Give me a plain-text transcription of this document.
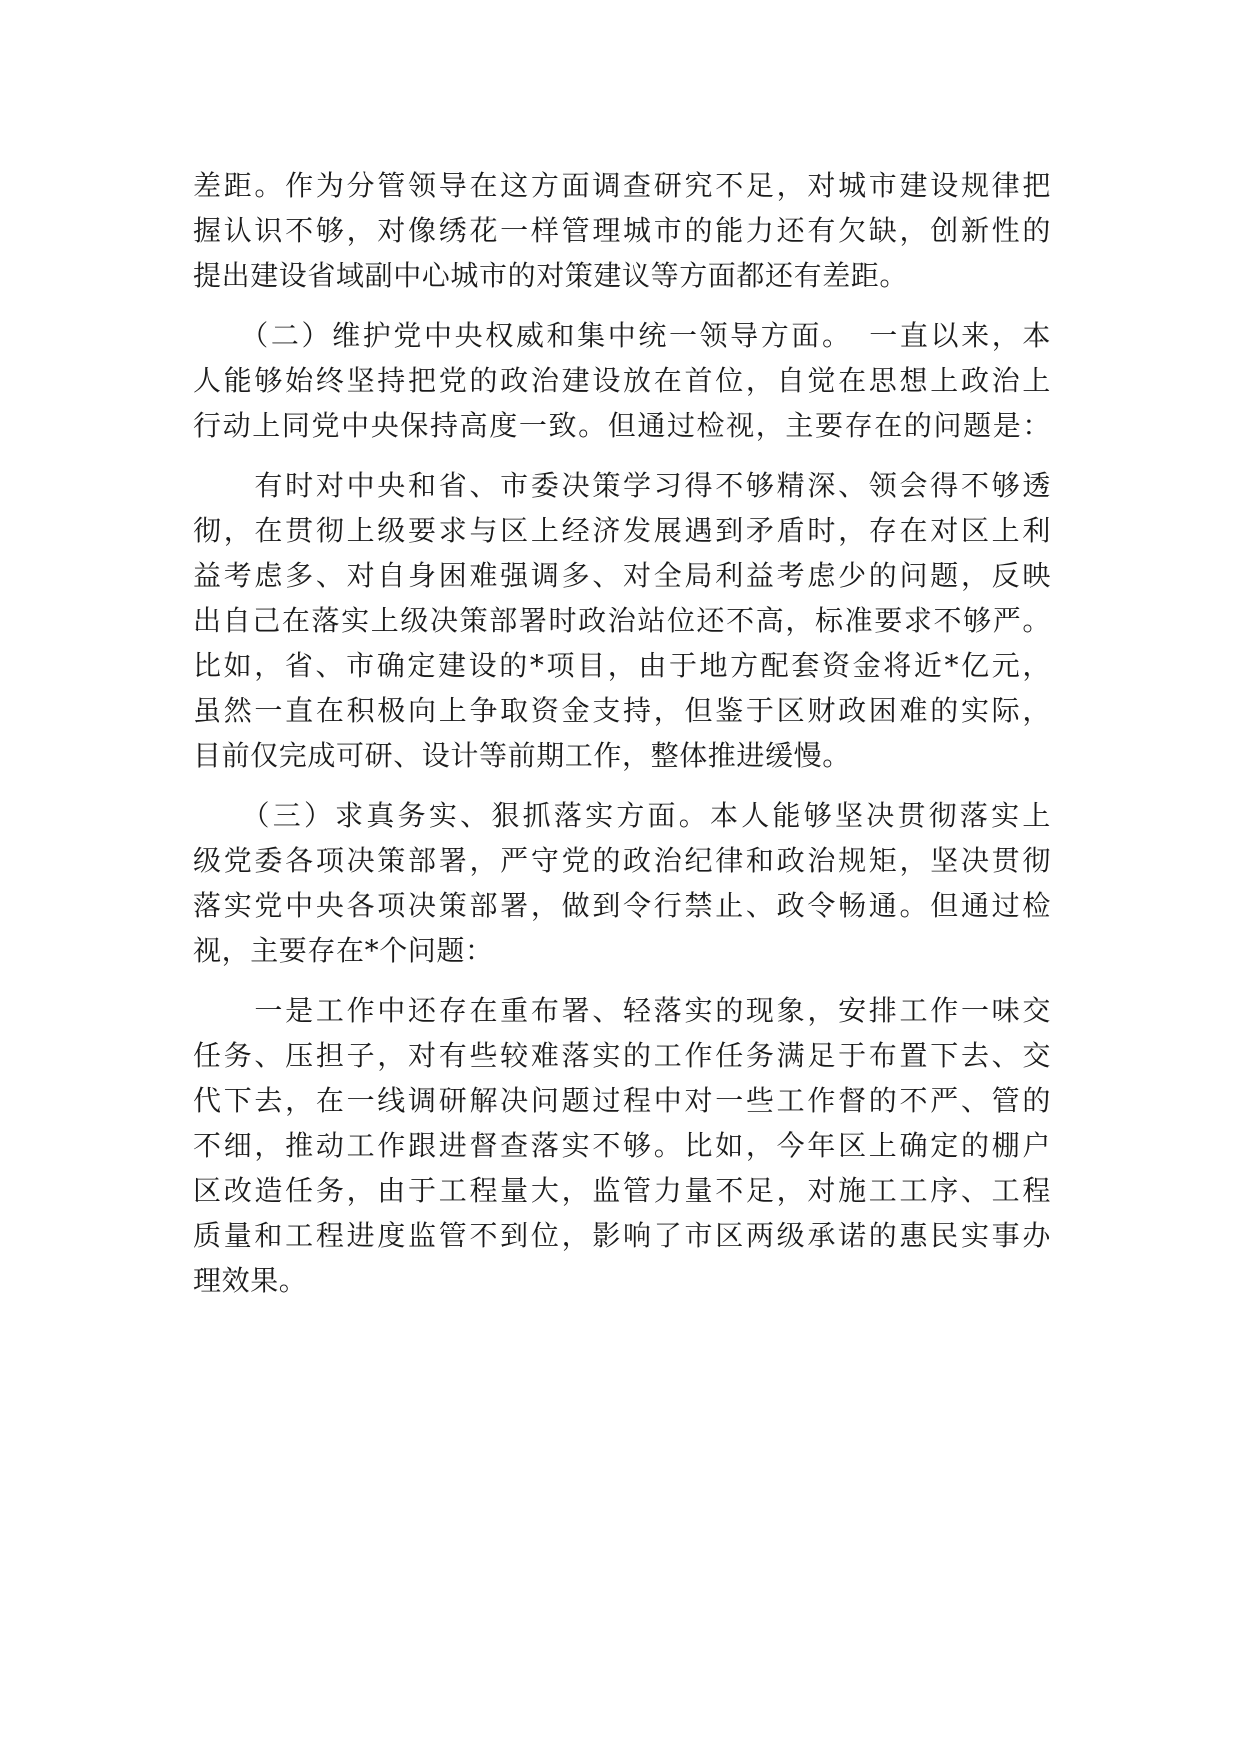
差距。作为分管领导在这方面调查研究不足，对城市建设规律把
握认识不够，对像绣花一样管理城市的能力还有欠缺，创新性的
提出建设省域副中心城市的对策建议等方面都还有差距。
　　（二）维护党中央权威和集中统一领导方面。　一直以来，本
人能够始终坚持把党的政治建设放在首位，自觉在思想上政治上
行动上同党中央保持高度一致。但通过检视，主要存在的问题是：
　　有时对中央和省、市委决策学习得不够精深、领会得不够透
彻，在贯彻上级要求与区上经济发展遇到矛盾时，存在对区上利
益考虑多、对自身困难强调多、对全局利益考虑少的问题，反映
出自己在落实上级决策部署时政治站位还不高，标准要求不够严。
比如，省、市确定建设的*项目，由于地方配套资金将近*亿元，
虽然一直在积极向上争取资金支持，但鉴于区财政困难的实际，
目前仅完成可研、设计等前期工作，整体推进缓慢。
　　（三）求真务实、狠抓落实方面。本人能够坚决贯彻落实上
级党委各项决策部署，严守党的政治纪律和政治规矩，坚决贯彻
落实党中央各项决策部署，做到令行禁止、政令畅通。但通过检
视，主要存在*个问题：
　　一是工作中还存在重布署、轻落实的现象，安排工作一味交
任务、压担子，对有些较难落实的工作任务满足于布置下去、交
代下去，在一线调研解决问题过程中对一些工作督的不严、管的
不细，推动工作跟进督查落实不够。比如，今年区上确定的棚户
区改造任务，由于工程量大，监管力量不足，对施工工序、工程
质量和工程进度监管不到位，影响了市区两级承诺的惠民实事办
理效果。
